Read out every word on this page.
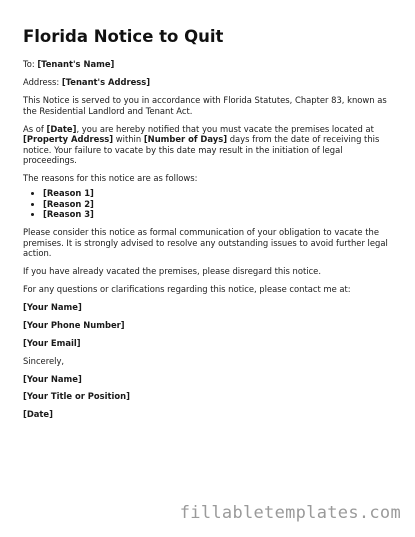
Florida Notice to Quit

To: [Tenant's Name]

Address: [Tenant's Address]

This Notice is served to you in accordance with Florida Statutes, Chapter 83, known as the Residential Landlord and Tenant Act.

As of [Date], you are hereby notified that you must vacate the premises located at [Property Address] within [Number of Days] days from the date of receiving this notice. Your failure to vacate by this date may result in the initiation of legal proceedings.

The reasons for this notice are as follows:

• [Reason 1]
• [Reason 2]
• [Reason 3]

Please consider this notice as formal communication of your obligation to vacate the premises. It is strongly advised to resolve any outstanding issues to avoid further legal action.

If you have already vacated the premises, please disregard this notice.

For any questions or clarifications regarding this notice, please contact me at:

[Your Name]
[Your Phone Number]
[Your Email]

Sincerely,

[Your Name]
[Your Title or Position]
[Date]
fillabletemplates.com
